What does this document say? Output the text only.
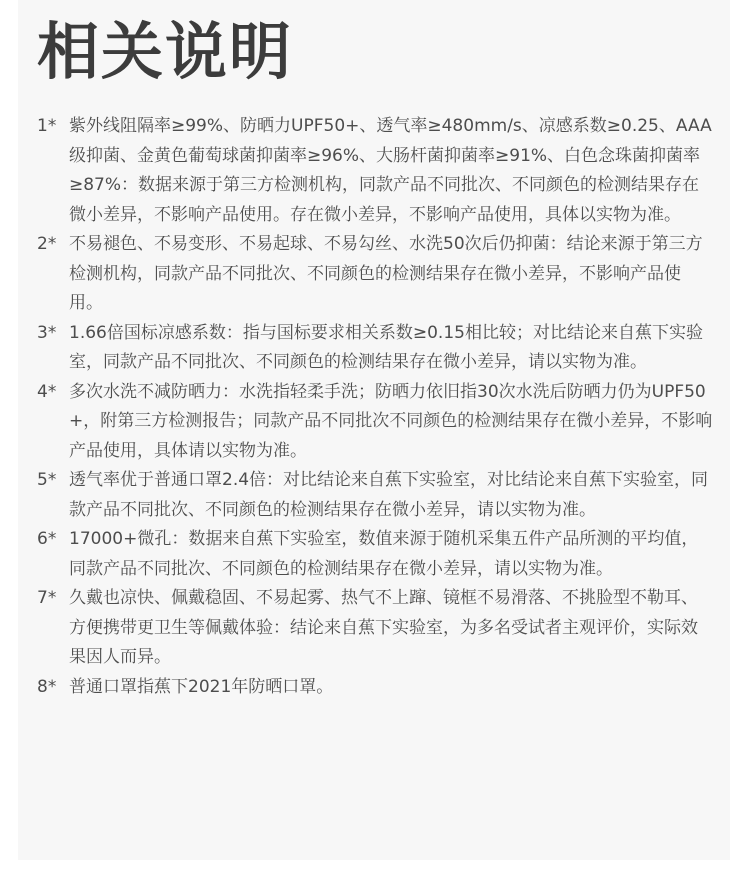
相关说明
1* 紫外线阻隔率≥99%、防晒力UPF50+、透气率≥480mm/s、凉感系数≥0.25、AAA级抑菌、金黄色葡萄球菌抑菌率≥96%、大肠杆菌抑菌率≥91%、白色念珠菌抑菌率≥87%：数据来源于第三方检测机构，同款产品不同批次、不同颜色的检测结果存在微小差异，不影响产品使用。存在微小差异，不影响产品使用，具体以实物为准。
2* 不易褪色、不易变形、不易起球、不易勾丝、水洗50次后仍抑菌：结论来源于第三方检测机构，同款产品不同批次、不同颜色的检测结果存在微小差异，不影响产品使用。
3* 1.66倍国标凉感系数：指与国标要求相关系数≥0.15相比较；对比结论来自蕉下实验室，同款产品不同批次、不同颜色的检测结果存在微小差异，请以实物为准。
4* 多次水洗不减防晒力：水洗指轻柔手洗；防晒力依旧指30次水洗后防晒力仍为UPF50+，附第三方检测报告；同款产品不同批次不同颜色的检测结果存在微小差异，不影响产品使用，具体请以实物为准。
5* 透气率优于普通口罩2.4倍：对比结论来自蕉下实验室，对比结论来自蕉下实验室，同款产品不同批次、不同颜色的检测结果存在微小差异，请以实物为准。
6* 17000+微孔：数据来自蕉下实验室，数值来源于随机采集五件产品所测的平均值，同款产品不同批次、不同颜色的检测结果存在微小差异，请以实物为准。
7* 久戴也凉快、佩戴稳固、不易起雾、热气不上蹿、镜框不易滑落、不挑脸型不勒耳、方便携带更卫生等佩戴体验：结论来自蕉下实验室，为多名受试者主观评价，实际效果因人而异。
8* 普通口罩指蕉下2021年防晒口罩。
